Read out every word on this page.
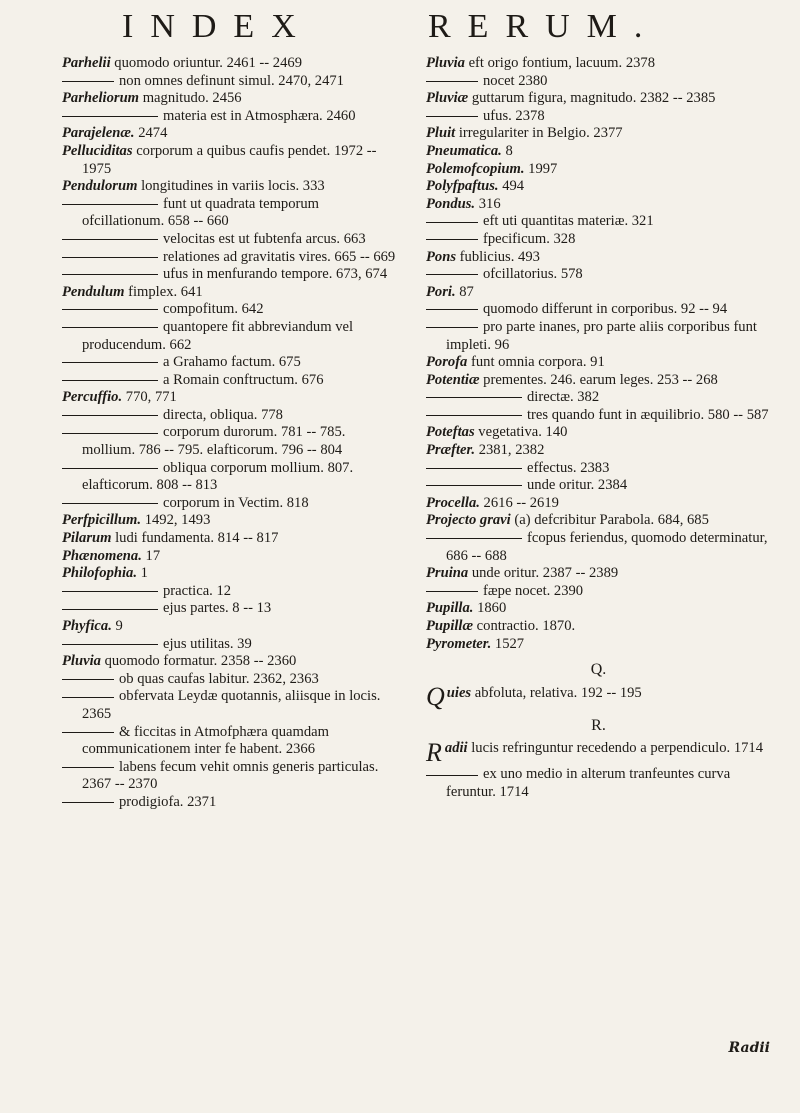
INDEX	RERUM.

Parhelii quomodo oriuntur. 2461 -- 2469

non omnes definunt simul. 2470, 2471

Parheliorum magnitudo. 2456

materia est in Atmosphæra. 2460

Parajelenæ. 2474

Pelluciditas corporum a quibus caufis pendet. 1972 -- 1975

Pendulorum longitudines in variis locis. 333

funt ut quadrata temporum ofcillationum. 658 -- 660

velocitas est ut fubtenfa arcus. 663

relationes ad gravitatis vires. 665 -- 669

ufus in menfurando tempore. 673, 674

Pendulum fimplex. 641

compofitum. 642

quantopere fit abbreviandum vel producendum. 662

a Grahamo factum. 675

a Romain conftructum. 676

Percuffio. 770, 771

directa, obliqua. 778

corporum durorum. 781 -- 785. mollium. 786 -- 795. elafticorum. 796 -- 804

obliqua corporum mollium. 807. elafticorum. 808 -- 813

corporum in Vectim. 818

Perfpicillum. 1492, 1493

Pilarum ludi fundamenta. 814 -- 817

Phænomena. 17

Philofophia. 1

practica. 12

ejus partes. 8 -- 13

Phyfica. 9

ejus utilitas. 39

Pluvia quomodo formatur. 2358 -- 2360

ob quas caufas labitur. 2362, 2363

obfervata Leydæ quotannis, aliisque in locis. 2365

& ficcitas in Atmofphæra quamdam communicationem inter fe habent. 2366

labens fecum vehit omnis generis particulas. 2367 -- 2370

prodigiofa. 2371

Pluvia eft origo fontium, lacuum. 2378

nocet 2380

Pluviæ guttarum figura, magnitudo. 2382 -- 2385

ufus. 2378

Pluit irregulariter in Belgio. 2377

Pneumatica. 8

Polemofcopium. 1997

Polyfpaftus. 494

Pondus. 316

eft uti quantitas materiæ. 321

fpecificum. 328

Pons fublicius. 493

ofcillatorius. 578

Pori. 87

quomodo differunt in corporibus. 92 -- 94

pro parte inanes, pro parte aliis corporibus funt impleti. 96

Porofa funt omnia corpora. 91

Potentiæ prementes. 246. earum leges. 253 -- 268

directæ. 382

tres quando funt in æquilibrio. 580 -- 587

Poteftas vegetativa. 140

Præfter. 2381, 2382

effectus. 2383

unde oritur. 2384

Procella. 2616 -- 2619

Projecto gravi (a) defcribitur Parabola. 684, 685

fcopus feriendus, quomodo determinatur, 686 -- 688

Pruina unde oritur. 2387 -- 2389

fæpe nocet. 2390

Pupilla. 1860

Pupillæ contractio. 1870.

Pyrometer. 1527

Q.

Quies abfoluta, relativa. 192 -- 195

R.

Radii lucis refringuntur recedendo a perpendiculo. 1714

ex uno medio in alterum tranfeuntes curva feruntur. 1714

Radii
